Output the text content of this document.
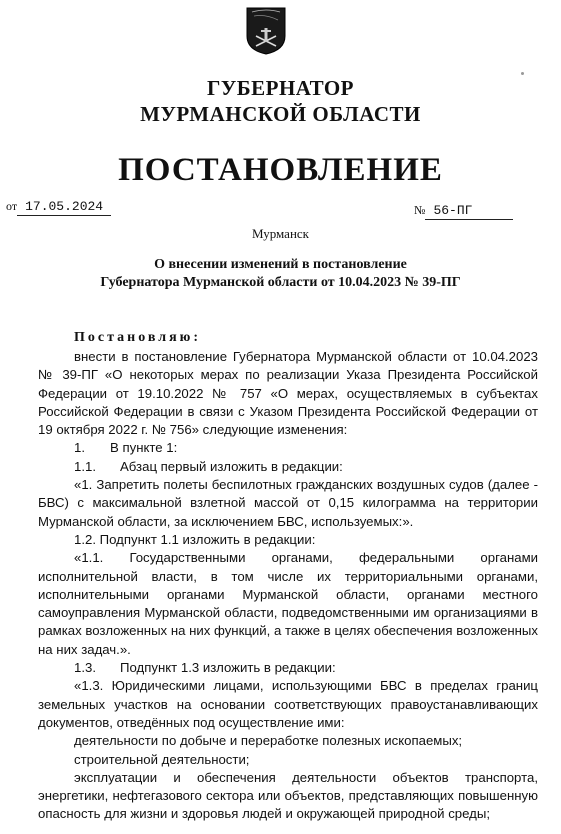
ГУБЕРНАТОР
МУРМАНСКОЙ ОБЛАСТИ
ПОСТАНОВЛЕНИЕ
от 17.05.2024	№ 56-ПГ
Мурманск
О внесении изменений в постановление
Губернатора Мурманской области от 10.04.2023 № 39-ПГ

Постановляю:

внести в постановление Губернатора Мурманской области от 10.04.2023 № 39-ПГ «О некоторых мерах по реализации Указа Президента Российской Федерации от 19.10.2022 № 757 «О мерах, осуществляемых в субъектах Российской Федерации в связи с Указом Президента Российской Федерации от 19 октября 2022 г. № 756» следующие изменения:

1. В пункте 1:

1.1. Абзац первый изложить в редакции:

«1. Запретить полеты беспилотных гражданских воздушных судов (далее - БВС) с максимальной взлетной массой от 0,15 килограмма на территории Мурманской области, за исключением БВС, используемых:».

1.2. Подпункт 1.1 изложить в редакции:

«1.1. Государственными органами, федеральными органами исполнительной власти, в том числе их территориальными органами, исполнительными органами Мурманской области, органами местного самоуправления Мурманской области, подведомственными им организациями в рамках возложенных на них функций, а также в целях обеспечения возложенных на них задач.».

1.3. Подпункт 1.3 изложить в редакции:

«1.3. Юридическими лицами, использующими БВС в пределах границ земельных участков на основании соответствующих правоустанавливающих документов, отведённых под осуществление ими:

деятельности по добыче и переработке полезных ископаемых;

строительной деятельности;

эксплуатации и обеспечения деятельности объектов транспорта, энергетики, нефтегазового сектора или объектов, представляющих повышенную опасность для жизни и здоровья людей и окружающей природной среды;
